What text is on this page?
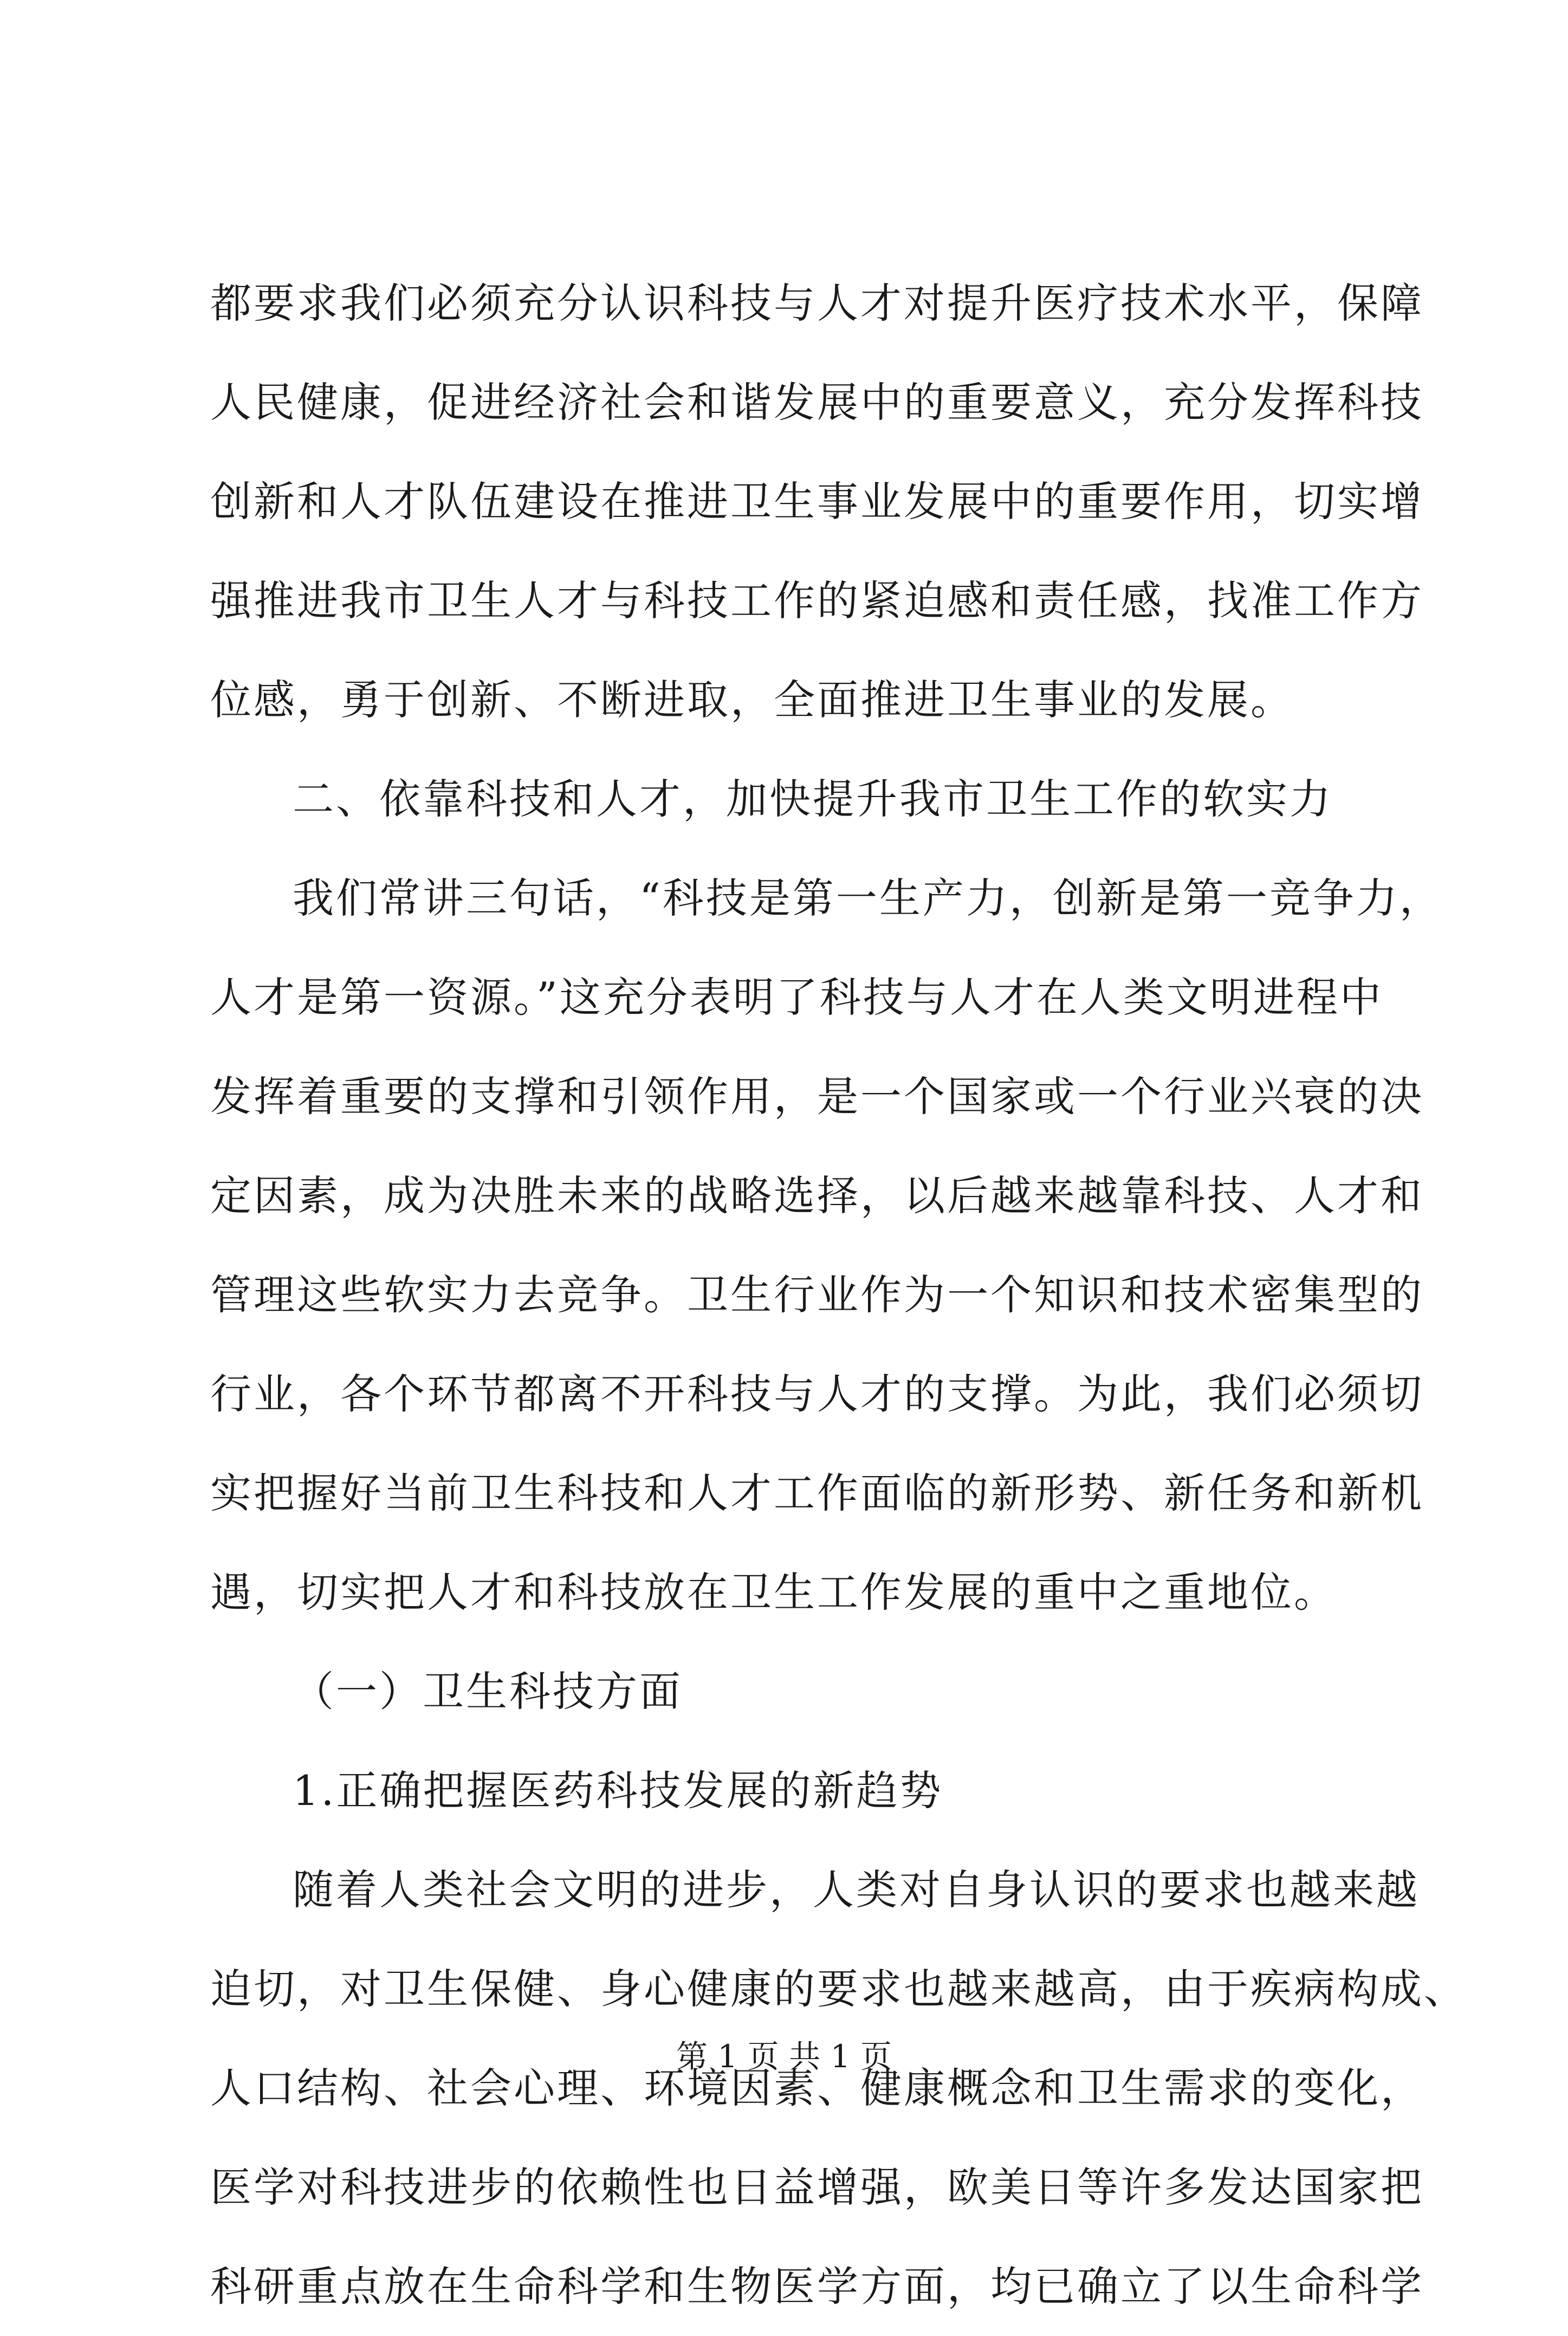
都要求我们必须充分认识科技与人才对提升医疗技术水平，保障
人民健康，促进经济社会和谐发展中的重要意义，充分发挥科技
创新和人才队伍建设在推进卫生事业发展中的重要作用，切实增
强推进我市卫生人才与科技工作的紧迫感和责任感，找准工作方
位感，勇于创新、不断进取，全面推进卫生事业的发展。
二、依靠科技和人才，加快提升我市卫生工作的软实力
我们常讲三句话，“科技是第一生产力，创新是第一竞争力，
人才是第一资源。”这充分表明了科技与人才在人类文明进程中
发挥着重要的支撑和引领作用，是一个国家或一个行业兴衰的决
定因素，成为决胜未来的战略选择，以后越来越靠科技、人才和
管理这些软实力去竞争。卫生行业作为一个知识和技术密集型的
行业，各个环节都离不开科技与人才的支撑。为此，我们必须切
实把握好当前卫生科技和人才工作面临的新形势、新任务和新机
遇，切实把人才和科技放在卫生工作发展的重中之重地位。
（一）卫生科技方面
1.正确把握医药科技发展的新趋势
随着人类社会文明的进步，人类对自身认识的要求也越来越
迫切，对卫生保健、身心健康的要求也越来越高，由于疾病构成、
人口结构、社会心理、环境因素、健康概念和卫生需求的变化，
医学对科技进步的依赖性也日益增强，欧美日等许多发达国家把
科研重点放在生命科学和生物医学方面，均已确立了以生命科学
第 1 页 共 1 页
